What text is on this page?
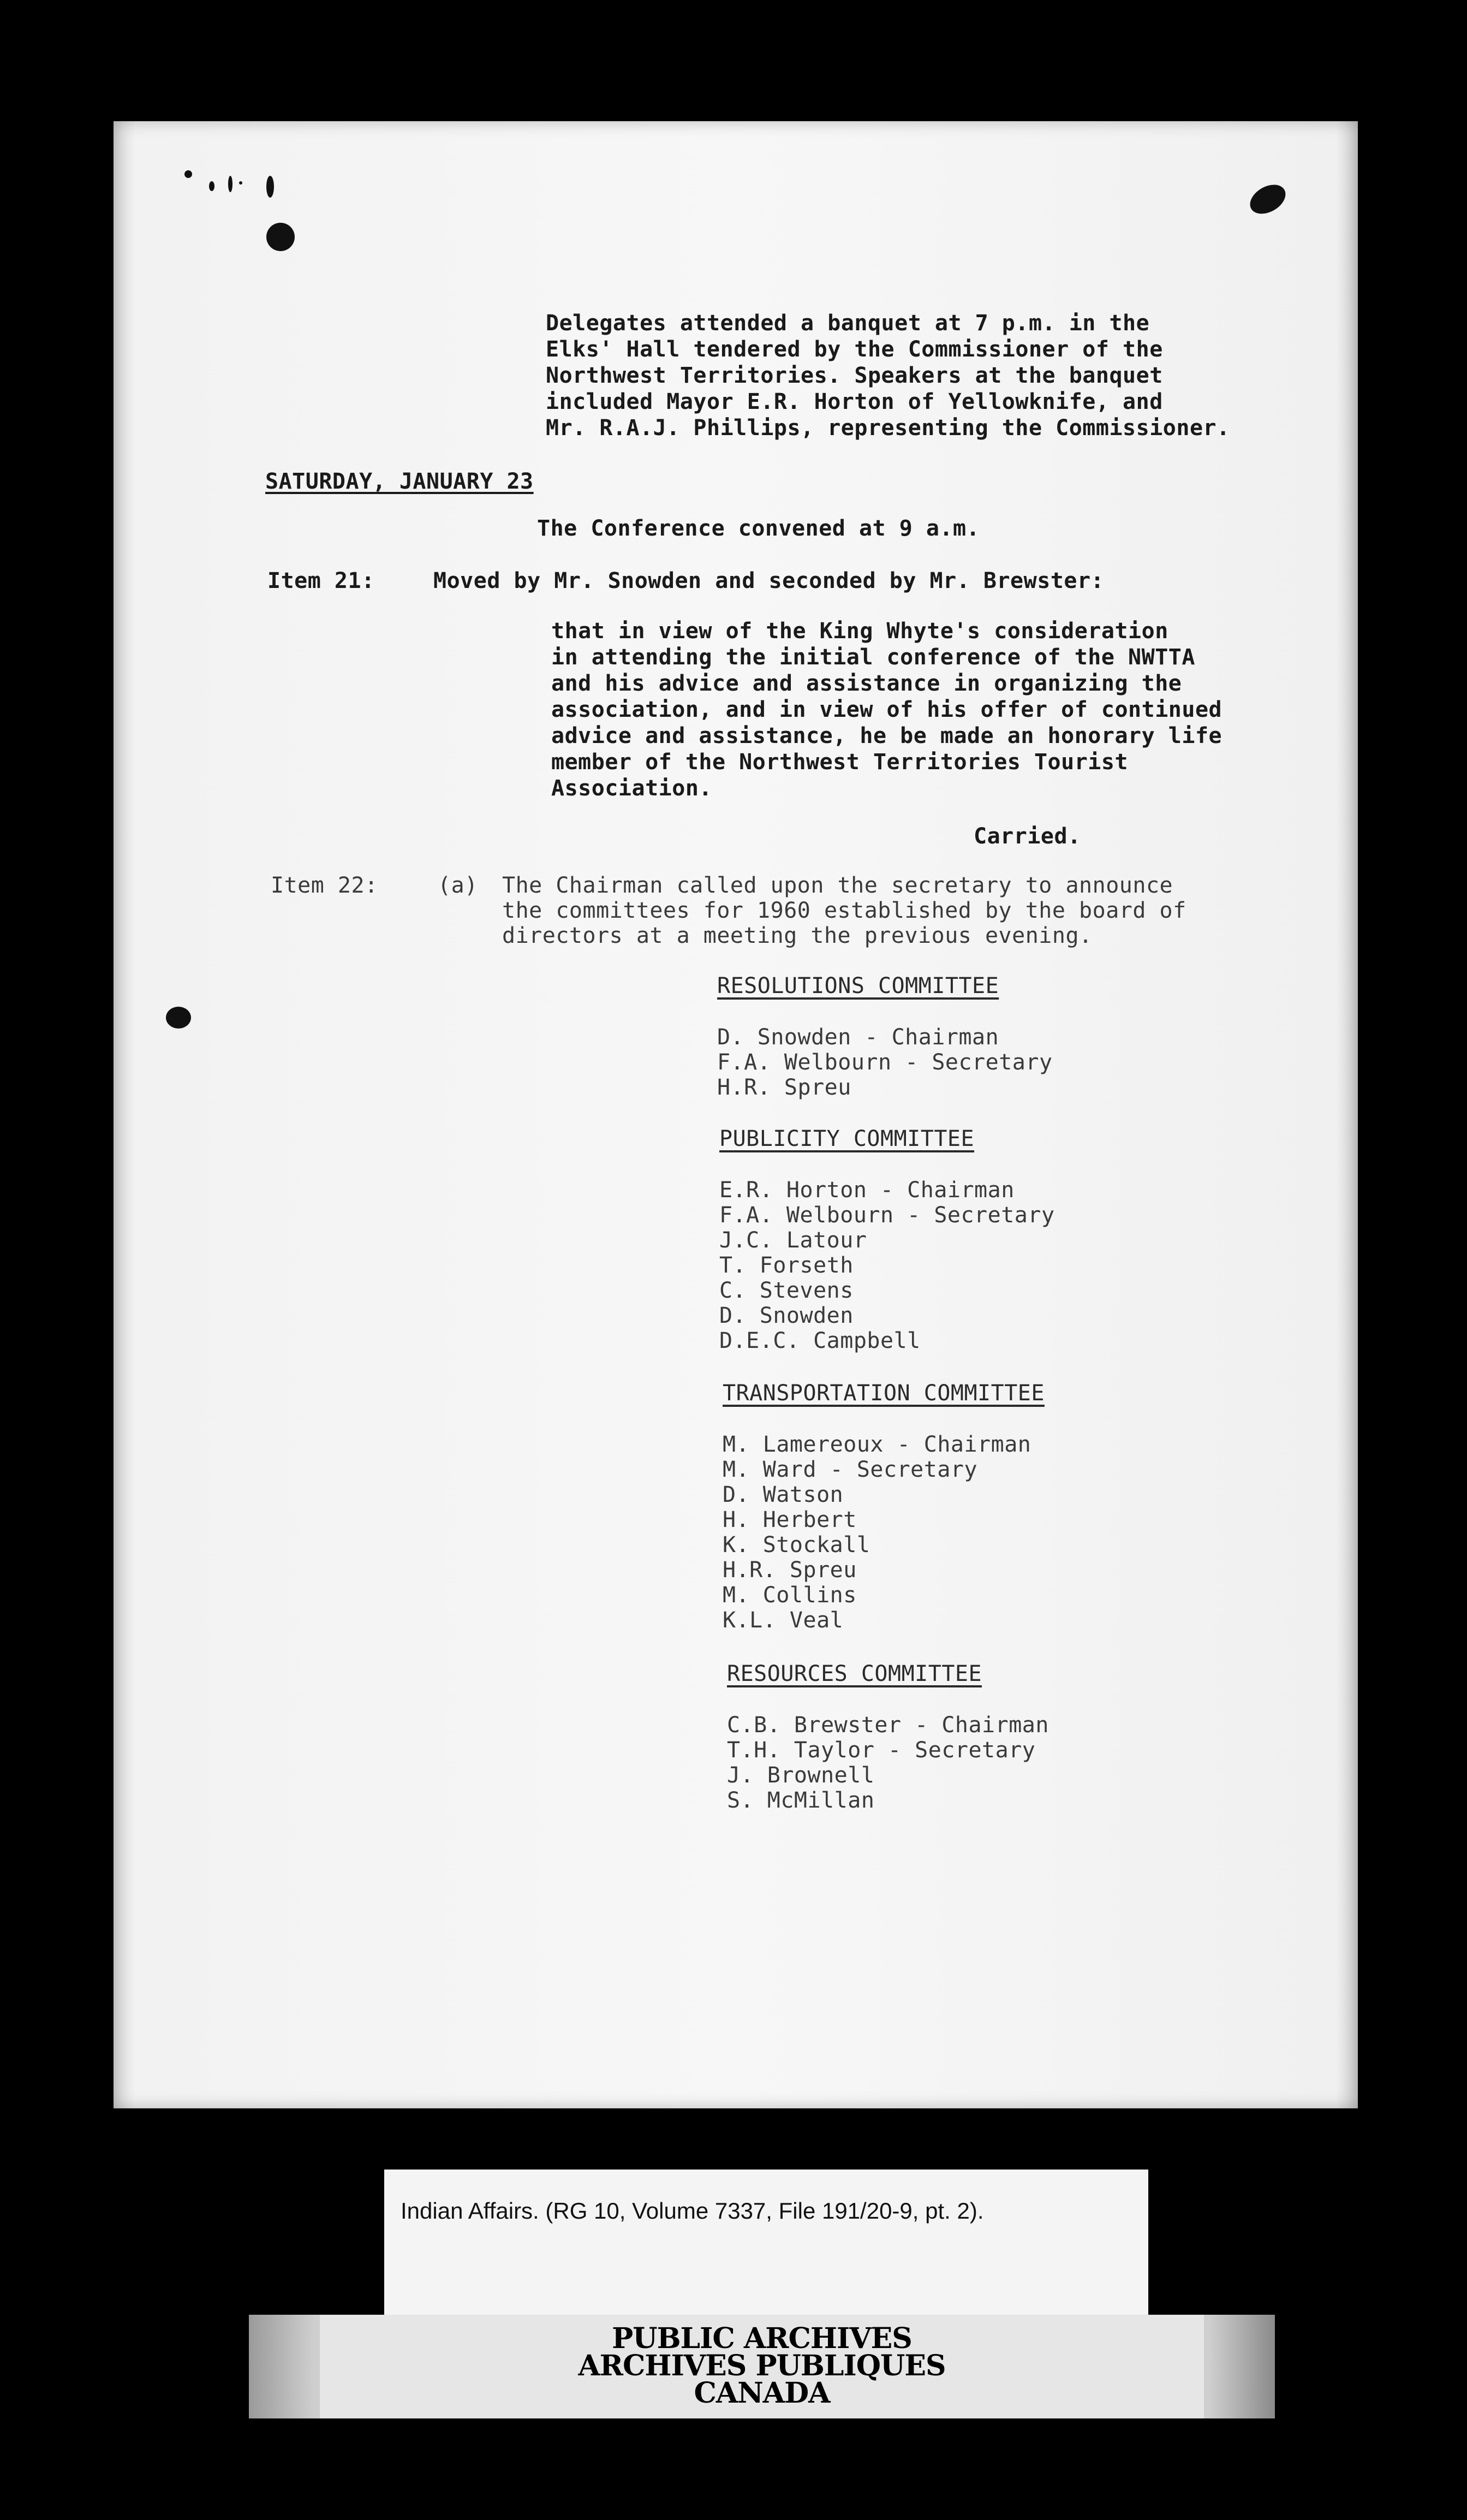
Delegates attended a banquet at 7 p.m. in the
Elks' Hall tendered by the Commissioner of the
Northwest Territories. Speakers at the banquet
included Mayor E.R. Horton of Yellowknife, and
Mr. R.A.J. Phillips, representing the Commissioner.
SATURDAY, JANUARY 23
The Conference convened at 9 a.m.
Item 21:	Moved by Mr. Snowden and seconded by Mr. Brewster:
that in view of the King Whyte's consideration
in attending the initial conference of the NWTTA
and his advice and assistance in organizing the
association, and in view of his offer of continued
advice and assistance, he be made an honorary life
member of the Northwest Territories Tourist
Association.
Carried.
Item 22:	(a) The Chairman called upon the secretary to announce
the committees for 1960 established by the board of
directors at a meeting the previous evening.
RESOLUTIONS COMMITTEE
D. Snowden - Chairman
F.A. Welbourn - Secretary
H.R. Spreu
PUBLICITY COMMITTEE
E.R. Horton - Chairman
F.A. Welbourn - Secretary
J.C. Latour
T. Forseth
C. Stevens
D. Snowden
D.E.C. Campbell
TRANSPORTATION COMMITTEE
M. Lamereoux - Chairman
M. Ward - Secretary
D. Watson
H. Herbert
K. Stockall
H.R. Spreu
M. Collins
K.L. Veal
RESOURCES COMMITTEE
C.B. Brewster - Chairman
T.H. Taylor - Secretary
J. Brownell
S. McMillan
Indian Affairs. (RG 10, Volume 7337, File 191/20-9, pt. 2).
PUBLIC ARCHIVES
ARCHIVES PUBLIQUES
CANADA
